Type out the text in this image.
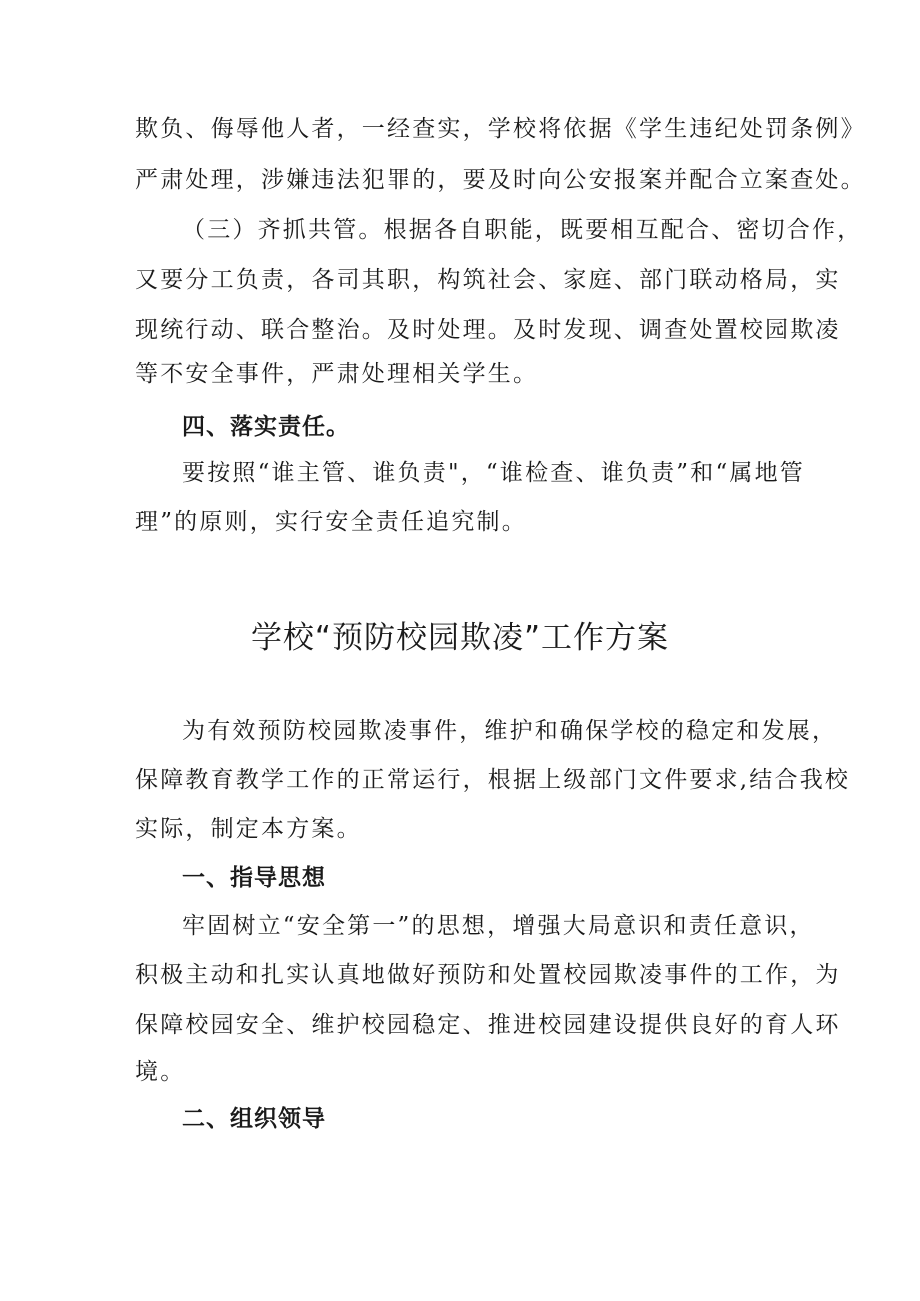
欺负、侮辱他人者，一经查实，学校将依据《学生违纪处罚条例》
严肃处理，涉嫌违法犯罪的，要及时向公安报案并配合立案查处。
（三）齐抓共管。根据各自职能，既要相互配合、密切合作，
又要分工负责，各司其职，构筑社会、家庭、部门联动格局，实
现统行动、联合整治。及时处理。及时发现、调查处置校园欺凌
等不安全事件，严肃处理相关学生。
四、落实责任。
要按照“谁主管、谁负责"，“谁检查、谁负责”和“属地管
理”的原则，实行安全责任追究制。
学校“预防校园欺凌”工作方案
为有效预防校园欺凌事件，维护和确保学校的稳定和发展，
保障教育教学工作的正常运行，根据上级部门文件要求,结合我校
实际，制定本方案。
一、指导思想
牢固树立“安全第一”的思想，增强大局意识和责任意识，
积极主动和扎实认真地做好预防和处置校园欺凌事件的工作，为
保障校园安全、维护校园稳定、推进校园建设提供良好的育人环
境。
二、组织领导
